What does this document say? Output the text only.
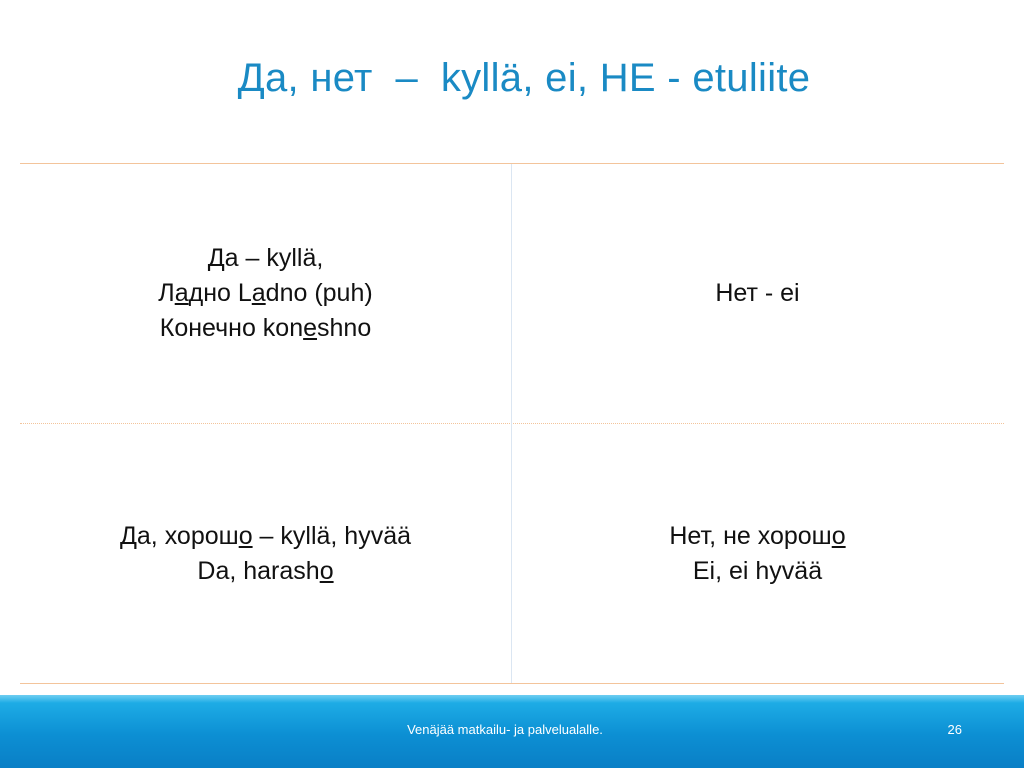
Да, нет  –  kyllä, ei, НЕ - etuliite
Да – kyllä,
Ладно Ladno (puh)
Конечно koneshno
Нет - ei
Да, хорошо – kyllä, hyvää
Da, harasho
Нет, не хорошо
Ei, ei hyvää
Venäjää matkailu- ja palvelualalle.	26
